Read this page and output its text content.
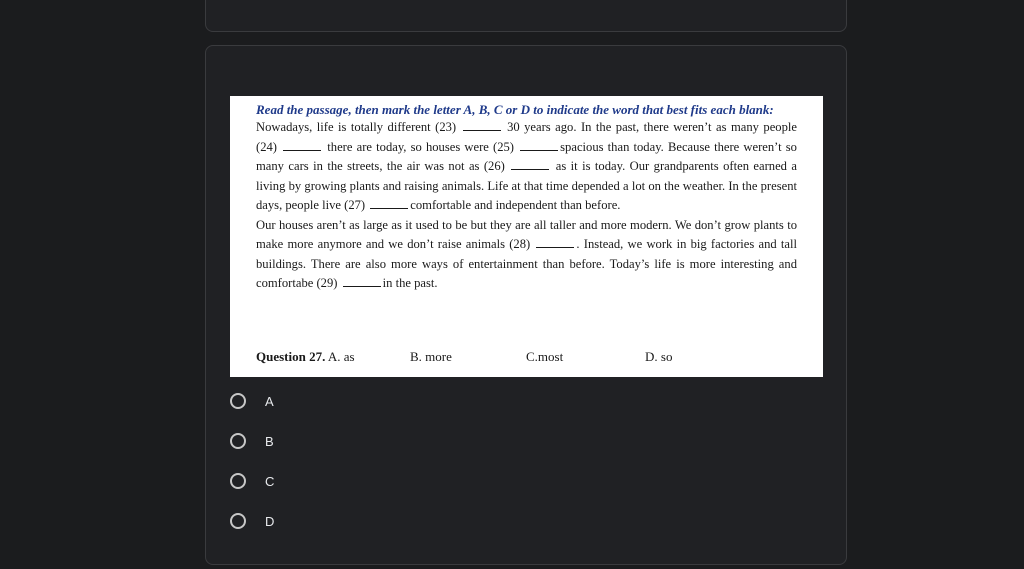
Read the passage, then mark the letter A, B, C or D to indicate the word that best fits each blank:

Nowadays, life is totally different (23)	30 years ago. In the past, there weren’t as many people (24)	there are today, so houses were (25)	spacious than today. Because there weren’t so many cars in the streets, the air was not as (26)	as it is today. Our grandparents often earned a living by growing plants and raising animals. Life at that time depended a lot on the weather. In the present days, people live (27)	comfortable and independent than before.

Our houses aren’t as large as it used to be but they are all taller and more modern. We don’t grow plants to make more anymore and we don’t raise animals (28)	. Instead, we work in big factories and tall buildings. There are also more ways of entertainment than before. Today’s life is more interesting and comfortabe (29)	in the past.

Question 27. A. as	B. more	C.most	D. so
A
B
C
D
